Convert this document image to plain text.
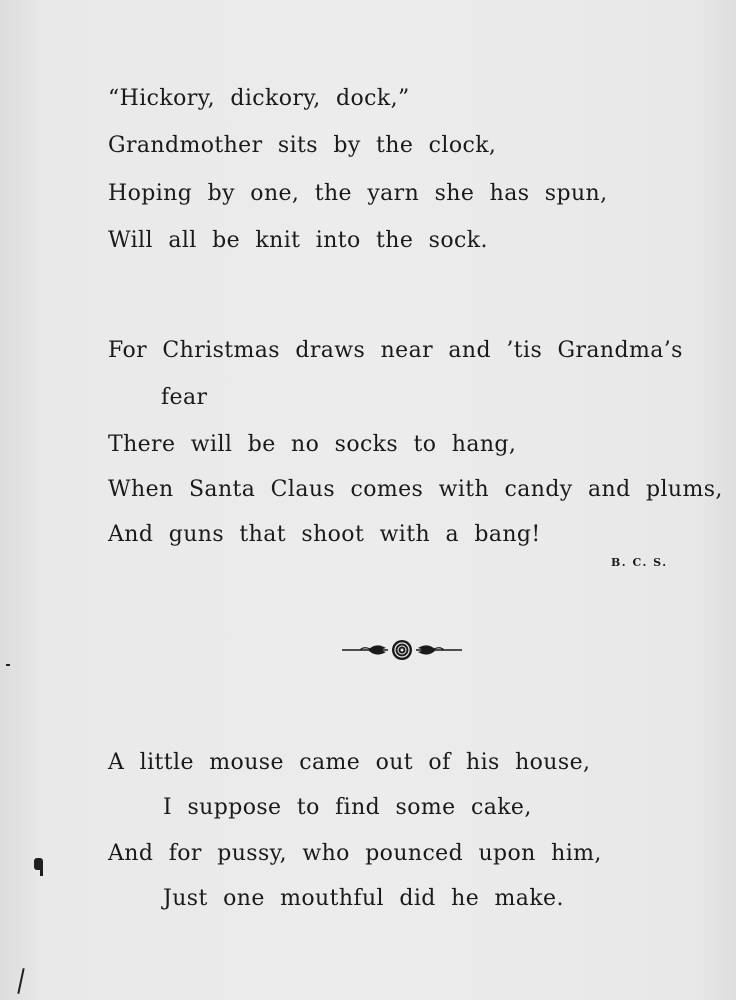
“Hickory, dickory, dock,”
Grandmother sits by the clock,
Hoping by one, the yarn she has spun,
Will all be knit into the sock.
For Christmas draws near and ’tis Grandma’s
fear
There will be no socks to hang,
When Santa Claus comes with candy and plums,
And guns that shoot with a bang!
B. C. S.
A little mouse came out of his house,
I suppose to find some cake,
And for pussy, who pounced upon him,
Just one mouthful did he make.
